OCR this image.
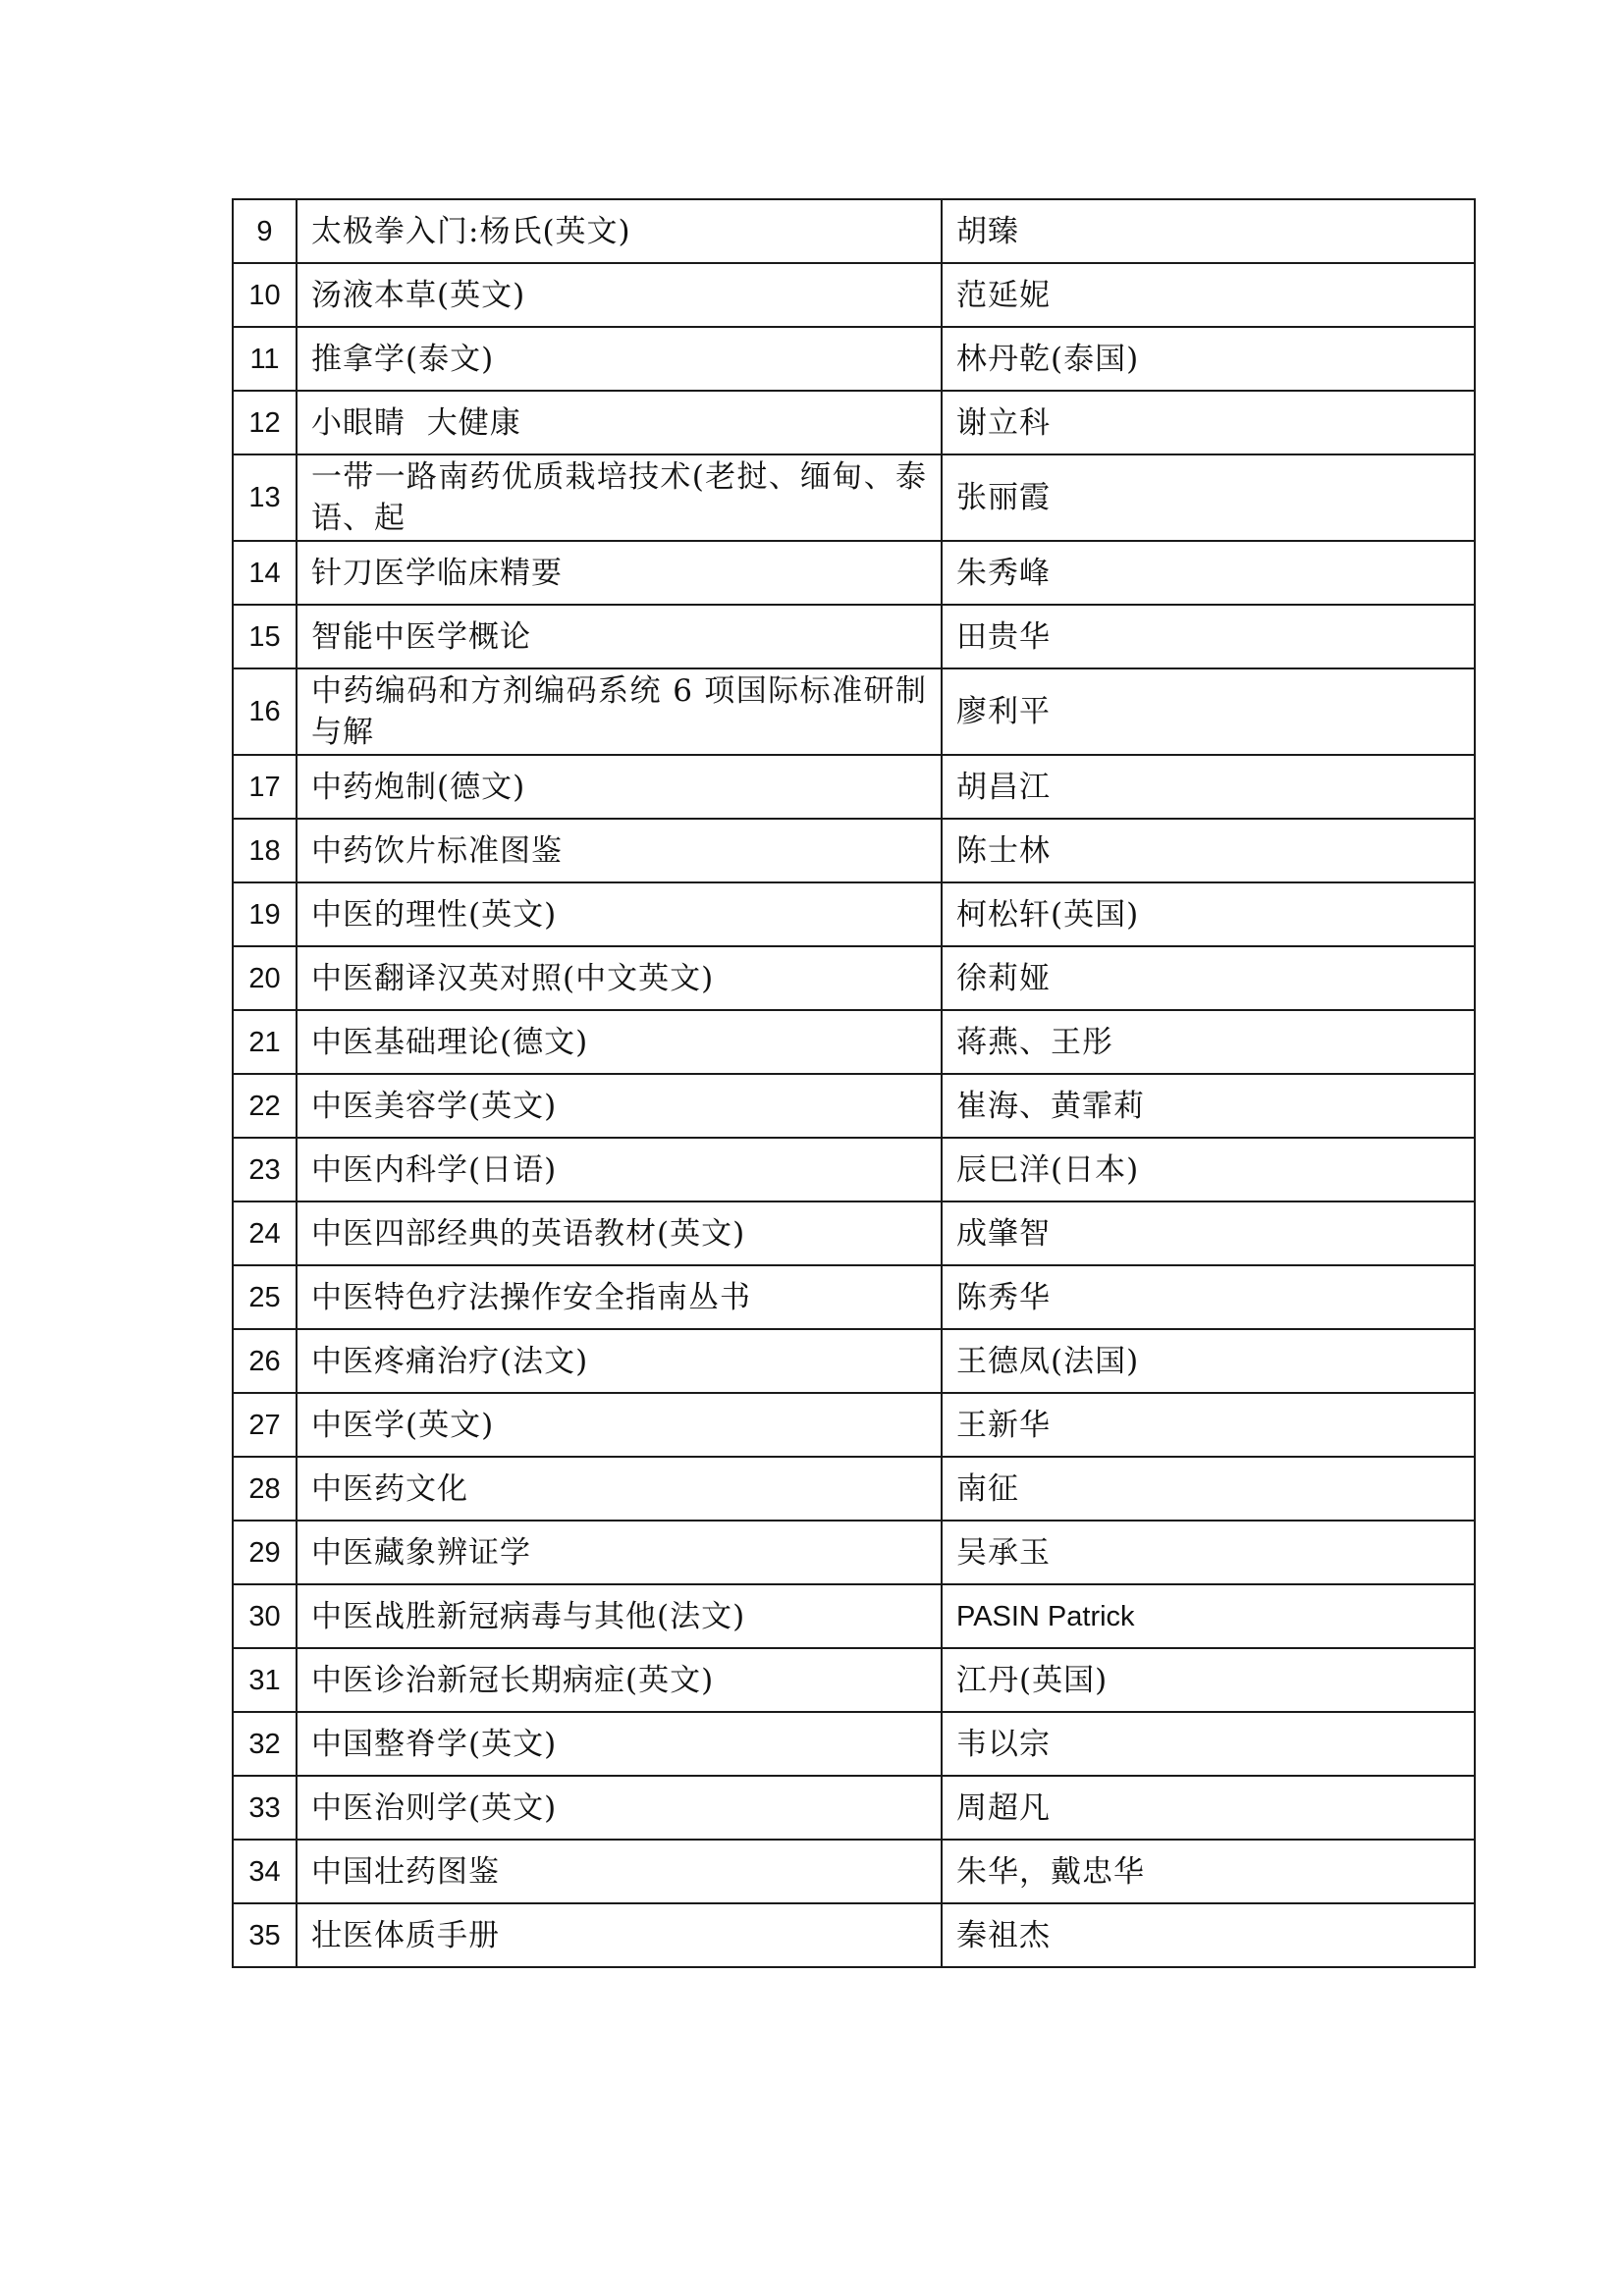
9	太极拳入门:杨氏(英文)	胡臻
10	汤液本草(英文)	范延妮
11	推拿学(泰文)	林丹乾(泰国)
12	小眼睛  大健康	谢立科
13	一带一路南药优质栽培技术(老挝、缅甸、泰语、起	张丽霞
14	针刀医学临床精要	朱秀峰
15	智能中医学概论	田贵华
16	中药编码和方剂编码系统 6 项国际标准研制与解	廖利平
17	中药炮制(德文)	胡昌江
18	中药饮片标准图鉴	陈士林
19	中医的理性(英文)	柯松轩(英国)
20	中医翻译汉英对照(中文英文)	徐莉娅
21	中医基础理论(德文)	蒋燕、王彤
22	中医美容学(英文)	崔海、黄霏莉
23	中医内科学(日语)	辰巳洋(日本)
24	中医四部经典的英语教材(英文)	成肇智
25	中医特色疗法操作安全指南丛书	陈秀华
26	中医疼痛治疗(法文)	王德凤(法国)
27	中医学(英文)	王新华
28	中医药文化	南征
29	中医藏象辨证学	吴承玉
30	中医战胜新冠病毒与其他(法文)	PASIN Patrick
31	中医诊治新冠长期病症(英文)	江丹(英国)
32	中国整脊学(英文)	韦以宗
33	中医治则学(英文)	周超凡
34	中国壮药图鉴	朱华，戴忠华
35	壮医体质手册	秦祖杰
